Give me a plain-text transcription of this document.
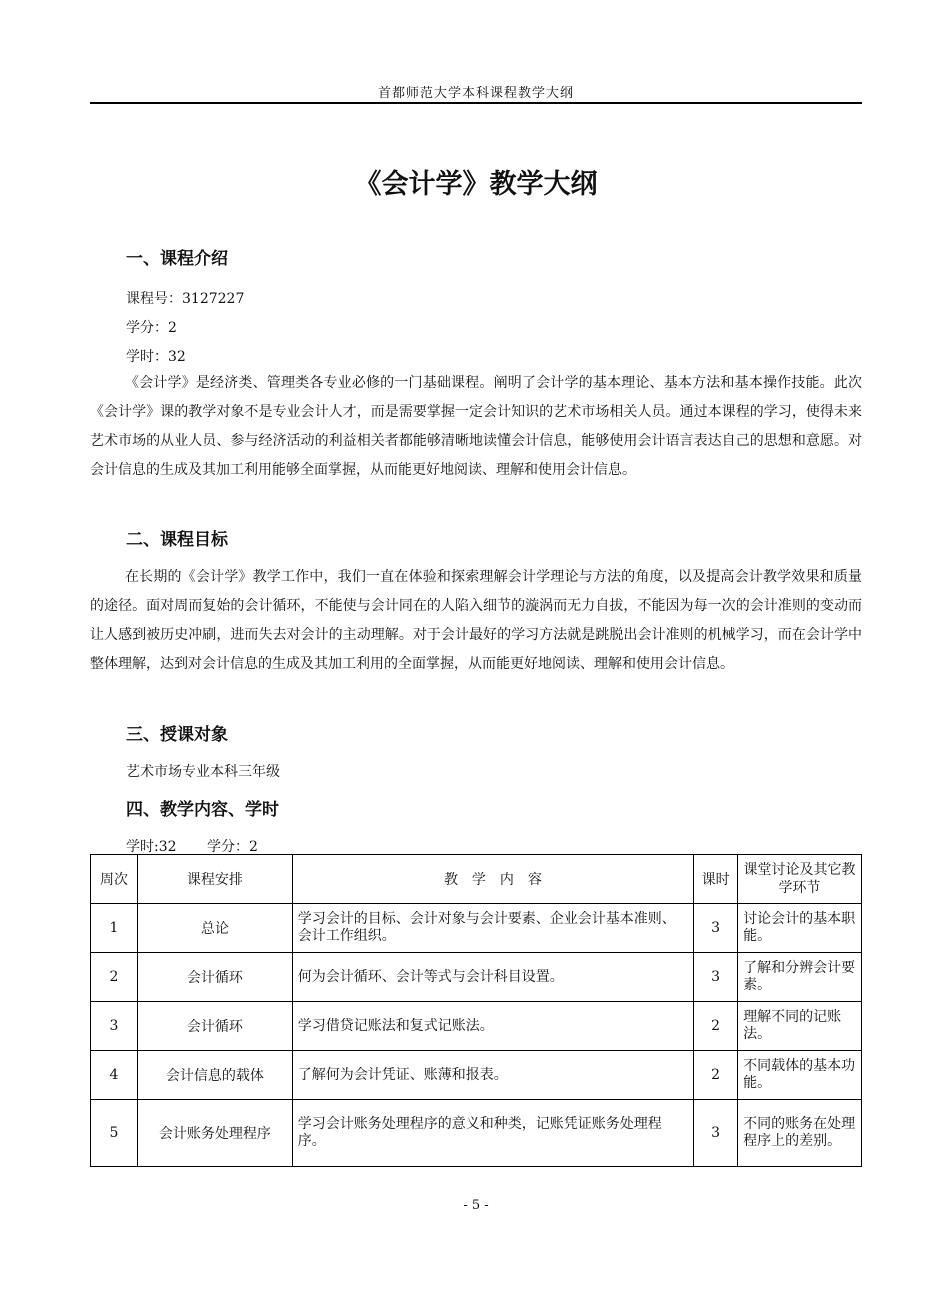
首都师范大学本科课程教学大纲
《会计学》教学大纲
一、课程介绍
课程号：3127227
学分：2
学时：32

《会计学》是经济类、管理类各专业必修的一门基础课程。阐明了会计学的基本理论、基本方法和基本操作技能。此次《会计学》课的教学对象不是专业会计人才，而是需要掌握一定会计知识的艺术市场相关人员。通过本课程的学习，使得未来艺术市场的从业人员、参与经济活动的利益相关者都能够清晰地读懂会计信息，能够使用会计语言表达自己的思想和意愿。对会计信息的生成及其加工利用能够全面掌握，从而能更好地阅读、理解和使用会计信息。

二、课程目标

在长期的《会计学》教学工作中，我们一直在体验和探索理解会计学理论与方法的角度，以及提高会计教学效果和质量的途径。面对周而复始的会计循环，不能使与会计同在的人陷入细节的漩涡而无力自拔，不能因为每一次的会计准则的变动而让人感到被历史冲刷，进而失去对会计的主动理解。对于会计最好的学习方法就是跳脱出会计准则的机械学习，而在会计学中整体理解，达到对会计信息的生成及其加工利用的全面掌握，从而能更好地阅读、理解和使用会计信息。

三、授课对象
艺术市场专业本科三年级
四、教学内容、学时
学时:32 学分：2
周次	课程安排	教　学　内　容	课时	课堂讨论及其它教学环节
1	总论	学习会计的目标、会计对象与会计要素、企业会计基本准则、会计工作组织。	3	讨论会计的基本职能。
2	会计循环	何为会计循环、会计等式与会计科目设置。	3	了解和分辨会计要素。
3	会计循环	学习借贷记账法和复式记账法。	2	理解不同的记账法。
4	会计信息的载体	了解何为会计凭证、账薄和报表。	2	不同载体的基本功能。
5	会计账务处理程序	学习会计账务处理程序的意义和种类，记账凭证账务处理程序。	3	不同的账务在处理程序上的差别。
- 5 -
